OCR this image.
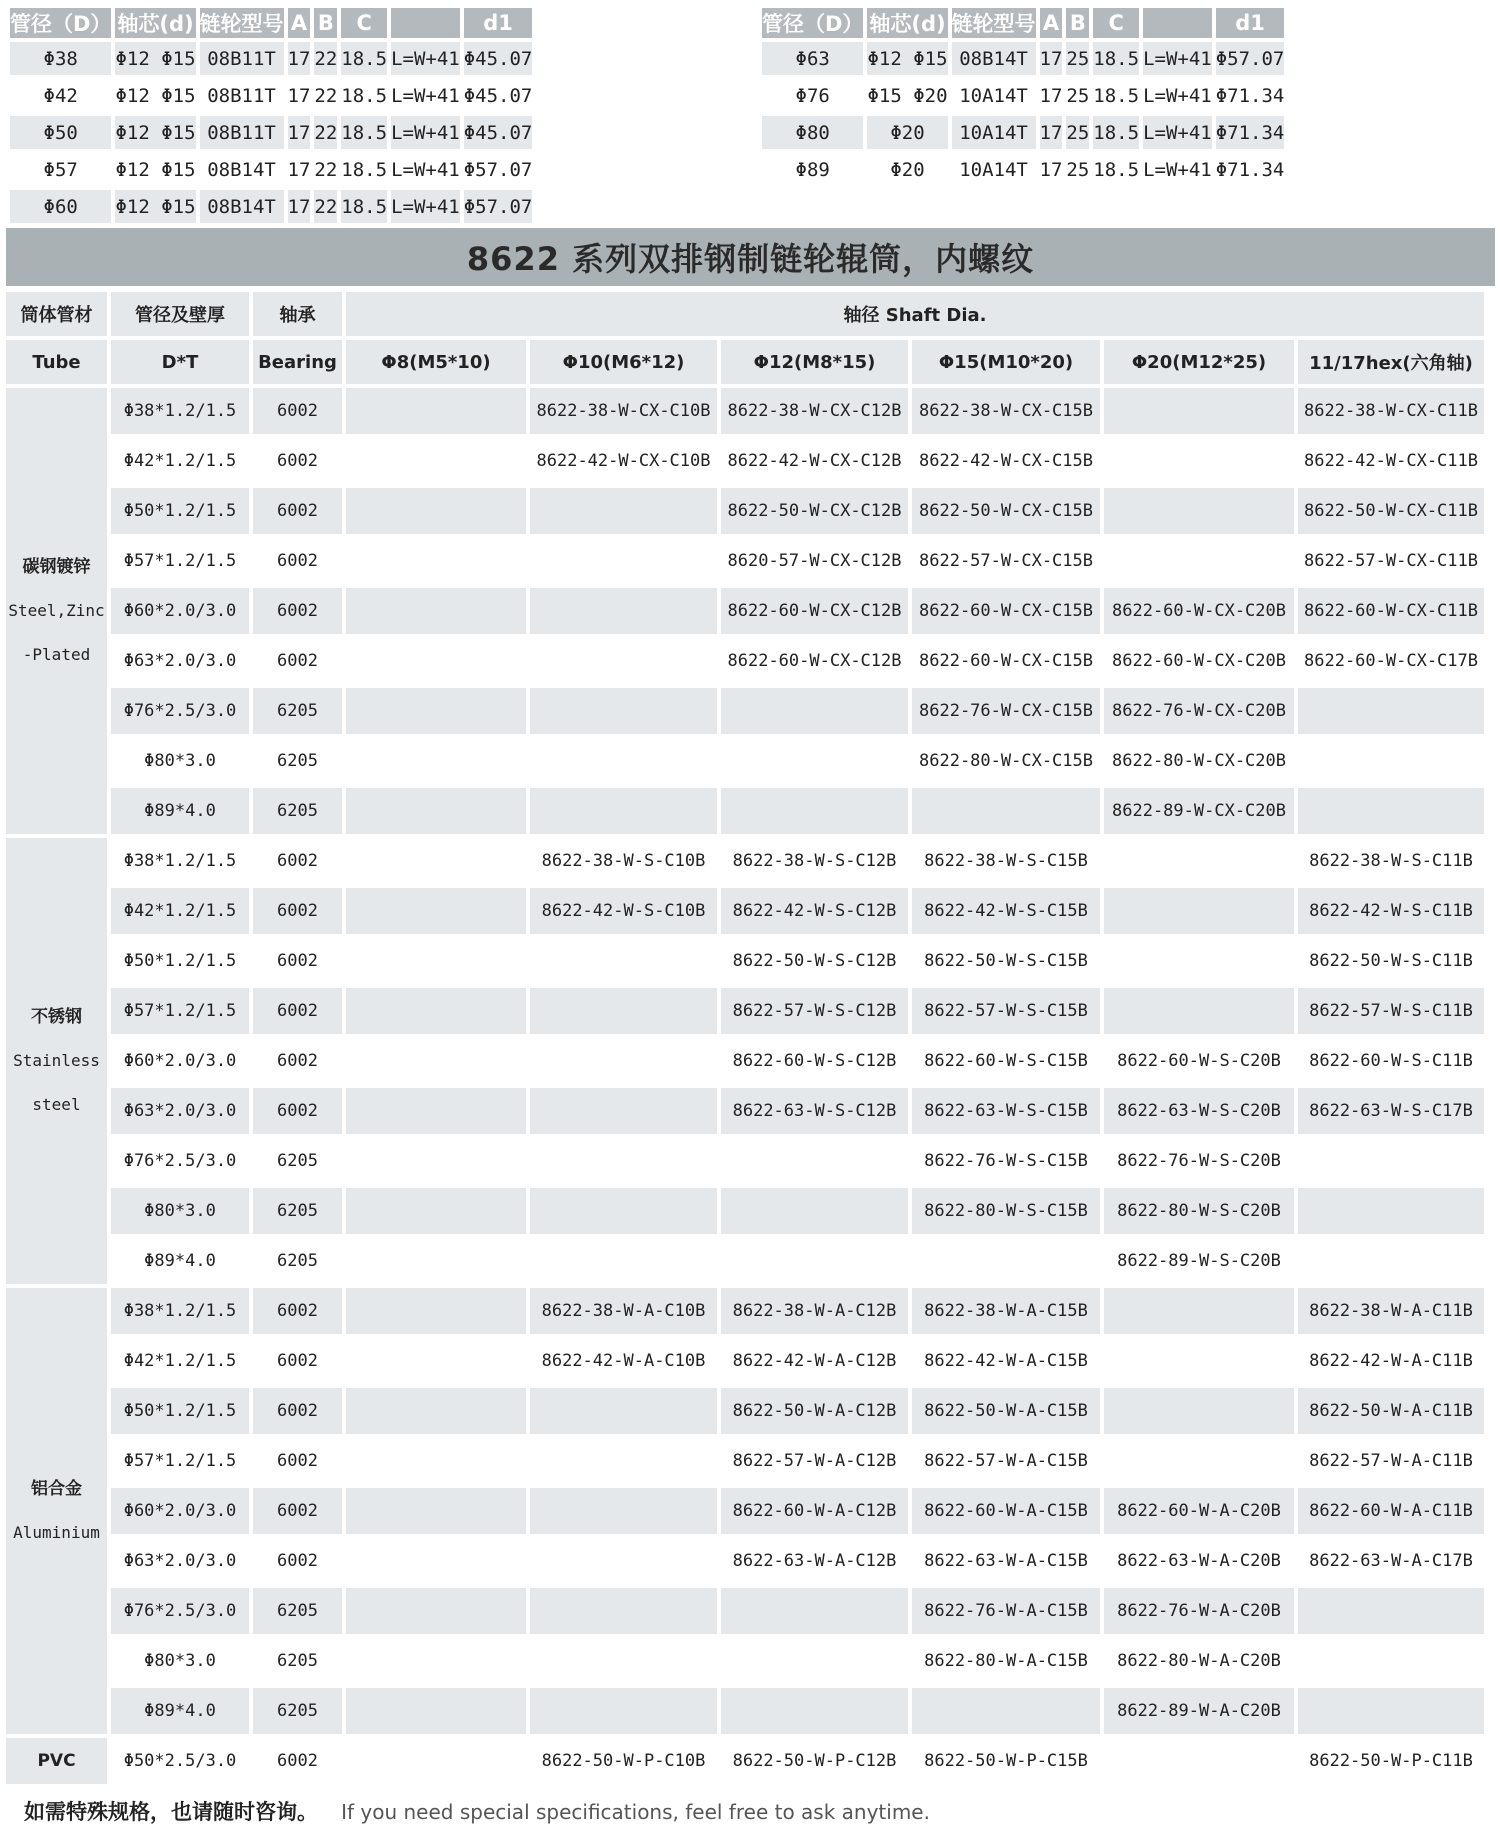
管径（D）	轴芯(d)	链轮型号	A	B	C		d1
Φ38	Φ12 Φ15	08B11T	17	22	18.5	L=W+41	Φ45.07
Φ42	Φ12 Φ15	08B11T	17	22	18.5	L=W+41	Φ45.07
Φ50	Φ12 Φ15	08B11T	17	22	18.5	L=W+41	Φ45.07
Φ57	Φ12 Φ15	08B14T	17	22	18.5	L=W+41	Φ57.07
Φ60	Φ12 Φ15	08B14T	17	22	18.5	L=W+41	Φ57.07
管径（D）	轴芯(d)	链轮型号	A	B	C		d1
Φ63	Φ12 Φ15	08B14T	17	25	18.5	L=W+41	Φ57.07
Φ76	Φ15 Φ20	10A14T	17	25	18.5	L=W+41	Φ71.34
Φ80	Φ20	10A14T	17	25	18.5	L=W+41	Φ71.34
Φ89	Φ20	10A14T	17	25	18.5	L=W+41	Φ71.34
8622 系列双排钢制链轮辊筒，内螺纹
筒体管材	管径及壁厚	轴承	轴径 Shaft Dia.					
Tube	D*T	Bearing	Φ8(M5*10)	Φ10(M6*12)	Φ12(M8*15)	Φ15(M10*20)	Φ20(M12*25)	11/17hex(六角轴)

碳钢镀锌
Steel,Zinc
-Plated	Φ38*1.2/1.5	6002		8622-38-W-CX-C10B	8622-38-W-CX-C12B	8622-38-W-CX-C15B		8622-38-W-CX-C11B
	Φ42*1.2/1.5	6002		8622-42-W-CX-C10B	8622-42-W-CX-C12B	8622-42-W-CX-C15B		8622-42-W-CX-C11B
	Φ50*1.2/1.5	6002			8622-50-W-CX-C12B	8622-50-W-CX-C15B		8622-50-W-CX-C11B
	Φ57*1.2/1.5	6002			8620-57-W-CX-C12B	8622-57-W-CX-C15B		8622-57-W-CX-C11B
	Φ60*2.0/3.0	6002			8622-60-W-CX-C12B	8622-60-W-CX-C15B	8622-60-W-CX-C20B	8622-60-W-CX-C11B
	Φ63*2.0/3.0	6002			8622-60-W-CX-C12B	8622-60-W-CX-C15B	8622-60-W-CX-C20B	8622-60-W-CX-C17B
	Φ76*2.5/3.0	6205				8622-76-W-CX-C15B	8622-76-W-CX-C20B	
	Φ80*3.0	6205				8622-80-W-CX-C15B	8622-80-W-CX-C20B	
	Φ89*4.0	6205					8622-89-W-CX-C20B	

不锈钢
Stainless
steel	Φ38*1.2/1.5	6002		8622-38-W-S-C10B	8622-38-W-S-C12B	8622-38-W-S-C15B		8622-38-W-S-C11B
	Φ42*1.2/1.5	6002		8622-42-W-S-C10B	8622-42-W-S-C12B	8622-42-W-S-C15B		8622-42-W-S-C11B
	Φ50*1.2/1.5	6002			8622-50-W-S-C12B	8622-50-W-S-C15B		8622-50-W-S-C11B
	Φ57*1.2/1.5	6002			8622-57-W-S-C12B	8622-57-W-S-C15B		8622-57-W-S-C11B
	Φ60*2.0/3.0	6002			8622-60-W-S-C12B	8622-60-W-S-C15B	8622-60-W-S-C20B	8622-60-W-S-C11B
	Φ63*2.0/3.0	6002			8622-63-W-S-C12B	8622-63-W-S-C15B	8622-63-W-S-C20B	8622-63-W-S-C17B
	Φ76*2.5/3.0	6205				8622-76-W-S-C15B	8622-76-W-S-C20B	
	Φ80*3.0	6205				8622-80-W-S-C15B	8622-80-W-S-C20B	
	Φ89*4.0	6205					8622-89-W-S-C20B	

铝合金
Aluminium	Φ38*1.2/1.5	6002		8622-38-W-A-C10B	8622-38-W-A-C12B	8622-38-W-A-C15B		8622-38-W-A-C11B
	Φ42*1.2/1.5	6002		8622-42-W-A-C10B	8622-42-W-A-C12B	8622-42-W-A-C15B		8622-42-W-A-C11B
	Φ50*1.2/1.5	6002			8622-50-W-A-C12B	8622-50-W-A-C15B		8622-50-W-A-C11B
	Φ57*1.2/1.5	6002			8622-57-W-A-C12B	8622-57-W-A-C15B		8622-57-W-A-C11B
	Φ60*2.0/3.0	6002			8622-60-W-A-C12B	8622-60-W-A-C15B	8622-60-W-A-C20B	8622-60-W-A-C11B
	Φ63*2.0/3.0	6002			8622-63-W-A-C12B	8622-63-W-A-C15B	8622-63-W-A-C20B	8622-63-W-A-C17B
	Φ76*2.5/3.0	6205				8622-76-W-A-C15B	8622-76-W-A-C20B	
	Φ80*3.0	6205				8622-80-W-A-C15B	8622-80-W-A-C20B	
	Φ89*4.0	6205					8622-89-W-A-C20B	

PVC	Φ50*2.5/3.0	6002		8622-50-W-P-C10B	8622-50-W-P-C12B	8622-50-W-P-C15B		8622-50-W-P-C11B
如需特殊规格，也请随时咨询。 If you need special specifications, feel free to ask anytime.
